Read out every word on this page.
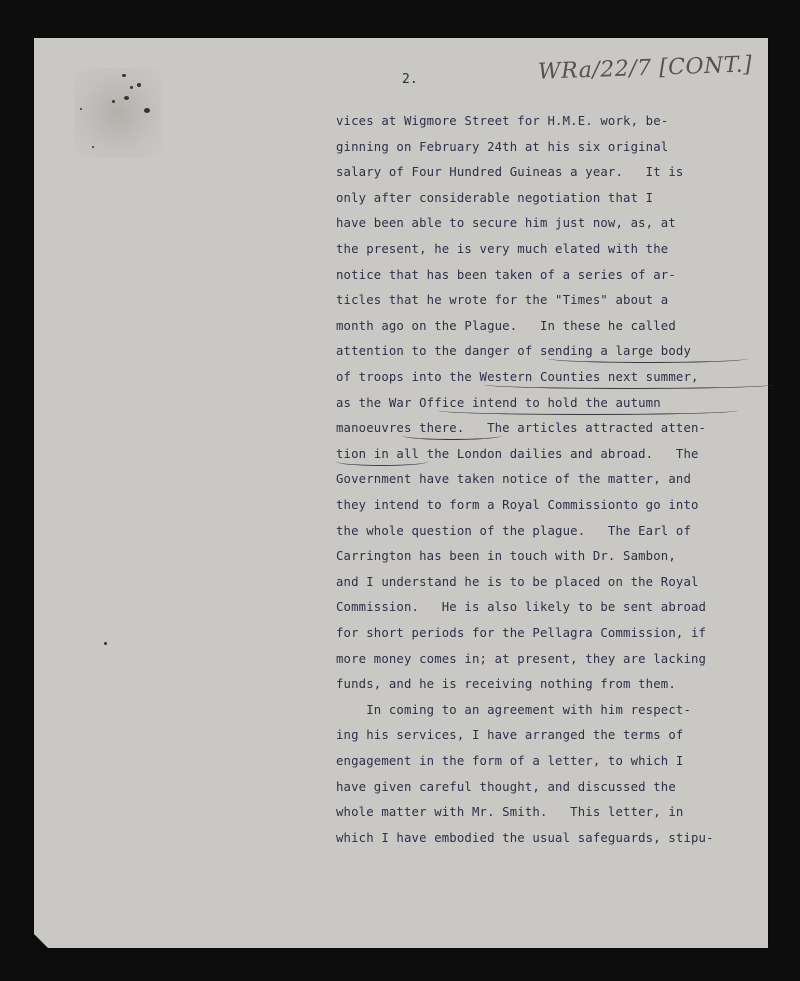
2.	WRa/22/7 [CONT.]
vices at Wigmore Street for H.M.E. work, be-
ginning on February 24th at his six original
salary of Four Hundred Guineas a year.   It is
only after considerable negotiation that I
have been able to secure him just now, as, at
the present, he is very much elated with the
notice that has been taken of a series of ar-
ticles that he wrote for the "Times" about a
month ago on the Plague.   In these he called
attention to the danger of sending a large body
of troops into the Western Counties next summer,
as the War Office intend to hold the autumn
manoeuvres there.   The articles attracted atten-
tion in all the London dailies and abroad.   The
Government have taken notice of the matter, and
they intend to form a Royal Commissionto go into
the whole question of the plague.   The Earl of
Carrington has been in touch with Dr. Sambon,
and I understand he is to be placed on the Royal
Commission.   He is also likely to be sent abroad
for short periods for the Pellagra Commission, if
more money comes in; at present, they are lacking
funds, and he is receiving nothing from them.
In coming to an agreement with him respect-
ing his services, I have arranged the terms of
engagement in the form of a letter, to which I
have given careful thought, and discussed the
whole matter with Mr. Smith.   This letter, in
which I have embodied the usual safeguards, stipu-
